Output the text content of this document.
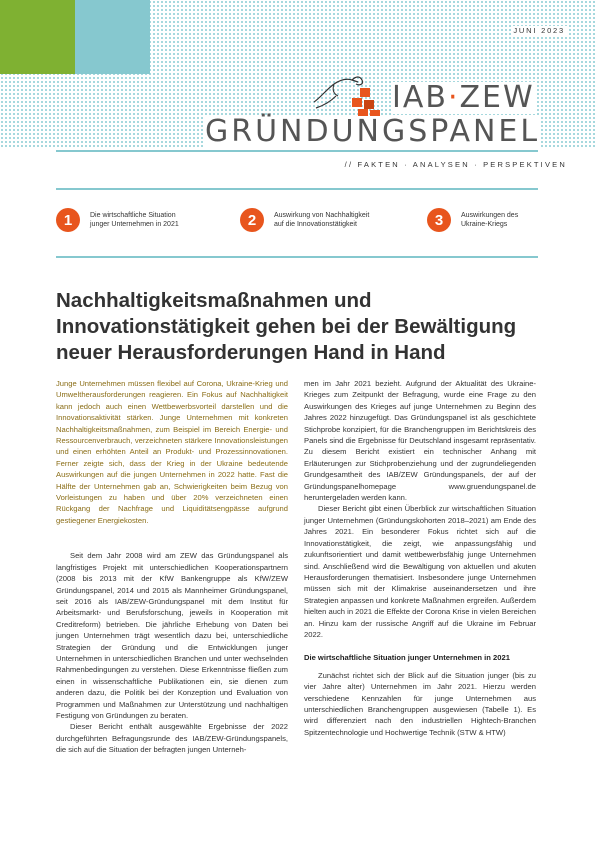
JUNI 2023
IAB·ZEW
GRÜNDUNGSPANEL
// FAKTEN · ANALYSEN · PERSPEKTIVEN
1	Die wirtschaftliche Situation junger Unternehmen in 2021	2	Auswirkung von Nachhaltigkeit auf die Innovationstätigkeit	3	Auswirkungen des Ukraine-Kriegs
Nachhaltigkeitsmaßnahmen und Innovationstätigkeit gehen bei der Bewältigung neuer Herausforderungen Hand in Hand

Junge Unternehmen müssen flexibel auf Corona, Ukraine-Krieg und Umweltherausforderungen reagieren. Ein Fokus auf Nachhaltigkeit kann jedoch auch einen Wettbewerbsvorteil darstellen und die Innovationsaktivität stärken. Junge Unternehmen mit konkreten Nachhaltigkeitsmaßnahmen, zum Beispiel im Bereich Energie- und Ressourcenverbrauch, verzeichneten stärkere Innovationsleistungen und einen erhöhten Anteil an Produkt- und Prozessinnovationen. Ferner zeigte sich, dass der Krieg in der Ukraine bedeutende Auswirkungen auf die jungen Unternehmen in 2022 hatte. Fast die Hälfte der Unternehmen gab an, Schwierigkeiten beim Bezug von Vorleistungen zu haben und über 20% verzeichneten einen Rückgang der Nachfrage und Liquiditätsengpässe aufgrund gestiegener Energiekosten.

Seit dem Jahr 2008 wird am ZEW das Gründungspanel als langfristiges Projekt mit unterschiedlichen Kooperationspartnern (2008 bis 2013 mit der KfW Bankengruppe als KfW/ZEW Gründungspanel, 2014 und 2015 als Mannheimer Gründungspanel, seit 2016 als IAB/ZEW-Gründungspanel mit dem Institut für Arbeitsmarkt- und Berufsforschung, jeweils in Kooperation mit Creditreform) betrieben. Die jährliche Erhebung von Daten bei jungen Unternehmen trägt wesentlich dazu bei, unterschiedliche Strategien der Gründung und die Entwicklungen junger Unternehmen in unterschiedlichen Branchen und unter wechselnden Rahmenbedingungen zu verstehen. Diese Erkenntnisse fließen zum einen in wissenschaftliche Publikationen ein, sie dienen zum anderen dazu, die Politik bei der Konzeption und Evaluation von Programmen und Maßnahmen zur Unterstützung und nachhaltigen Festigung von Gründungen zu beraten.

Dieser Bericht enthält ausgewählte Ergebnisse der 2022 durchgeführten Befragungsrunde des IAB/ZEW-Gründungspanels, die sich auf die Situation der befragten jungen Unterneh-

men im Jahr 2021 bezieht. Aufgrund der Aktualität des Ukraine-Krieges zum Zeitpunkt der Befragung, wurde eine Frage zu den Auswirkungen des Krieges auf junge Unternehmen zu Beginn des Jahres 2022 hinzugefügt. Das Gründungspanel ist als geschichtete Stichprobe konzipiert, für die Branchengruppen im Berichtskreis des Panels sind die Ergebnisse für Deutschland insgesamt repräsentativ. Zu diesem Bericht existiert ein technischer Anhang mit Erläuterungen zur Stichprobenziehung und der zugrundeliegenden Grundgesamtheit des IAB/ZEW Gründungspanels, der auf der Gründungspanelhomepage www.gruendungspanel.de heruntergeladen werden kann.

Dieser Bericht gibt einen Überblick zur wirtschaftlichen Situation junger Unternehmen (Gründungskohorten 2018–2021) am Ende des Jahres 2021. Ein besonderer Fokus richtet sich auf die Innovationstätigkeit, die zeigt, wie anpassungsfähig und zukunftsorientiert und damit wettbewerbsfähig junge Unternehmen sind. Anschließend wird die Bewältigung von aktuellen und akuten Herausforderungen thematisiert. Insbesondere junge Unternehmen müssen sich mit der Klimakrise auseinandersetzen und ihre Strategien anpassen und konkrete Maßnahmen ergreifen. Außerdem hielten auch in 2021 die Effekte der Corona Krise in vielen Bereichen an. Hinzu kam der russische Angriff auf die Ukraine im Februar 2022.

Die wirtschaftliche Situation junger Unternehmen in 2021

Zunächst richtet sich der Blick auf die Situation junger (bis zu vier Jahre alter) Unternehmen im Jahr 2021. Hierzu werden verschiedene Kennzahlen für junge Unternehmen aus unterschiedlichen Branchengruppen ausgewiesen (Tabelle 1). Es wird differenziert nach den industriellen Hightech-Branchen Spitzentechnologie und Hochwertige Technik (STW & HTW)
